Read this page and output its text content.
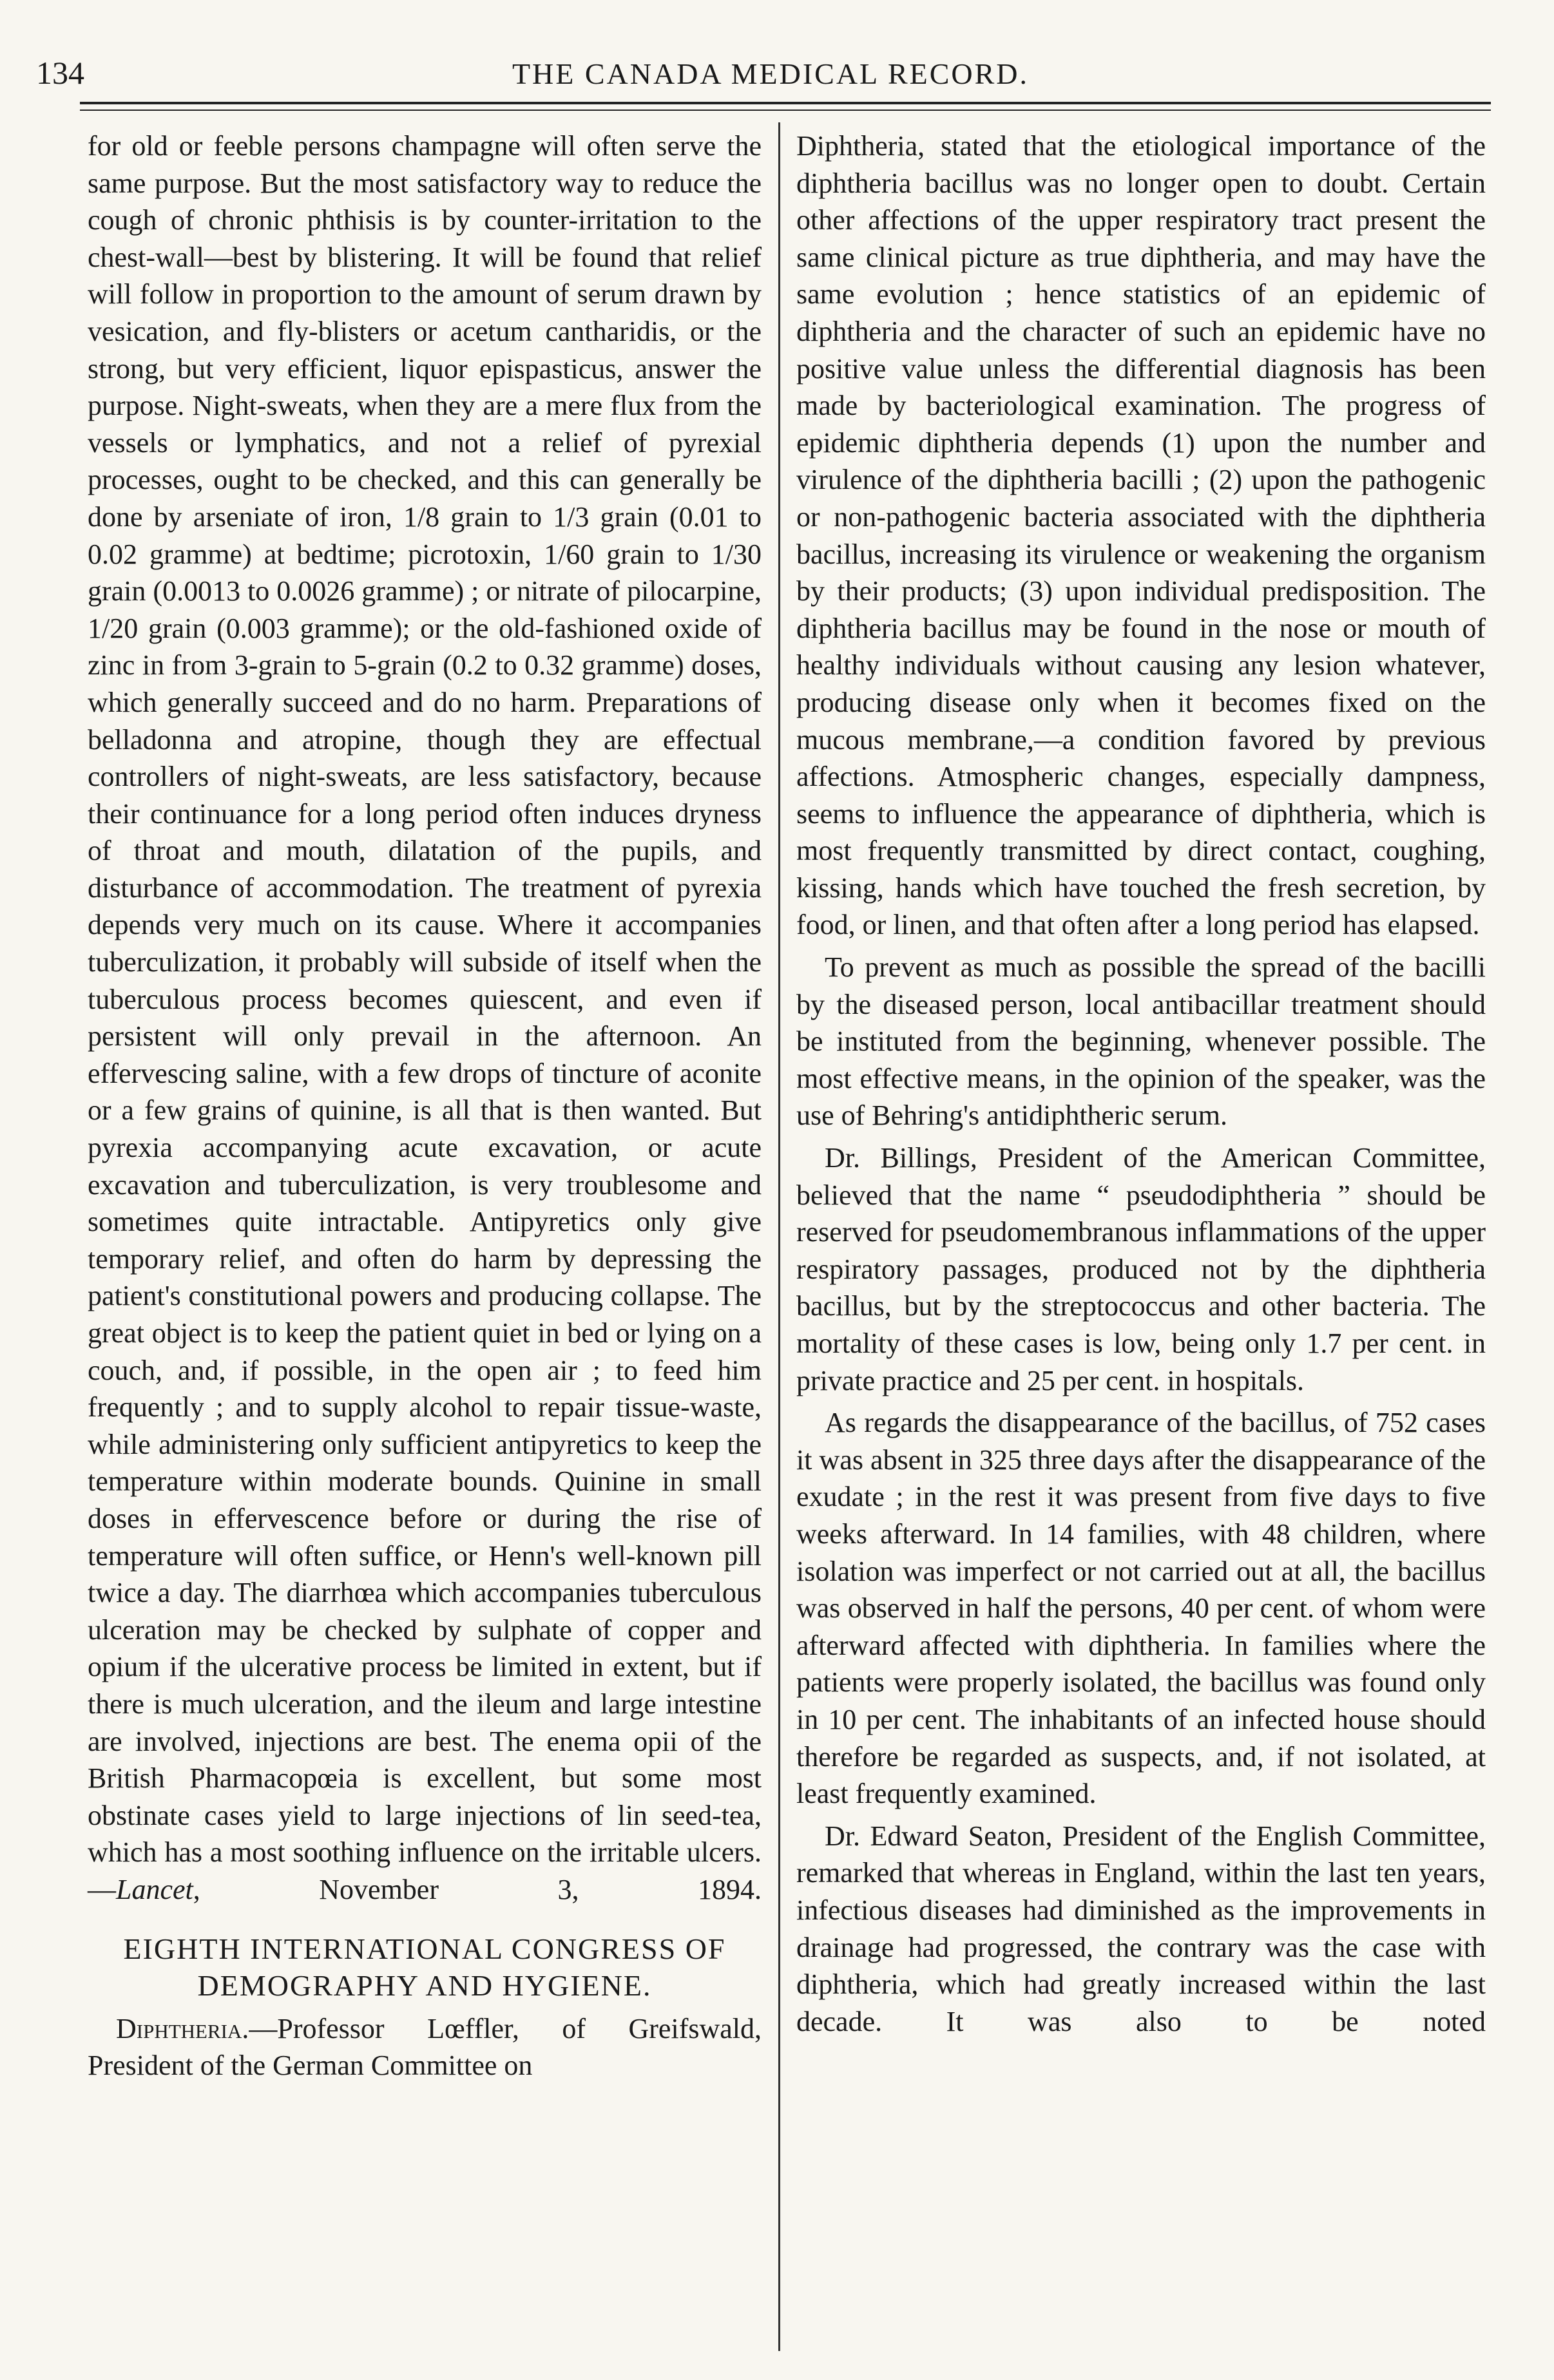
134	THE CANADA MEDICAL RECORD.

for old or feeble persons champagne will often serve the same purpose. But the most satisfactory way to reduce the cough of chronic phthisis is by counter-irritation to the chest-wall—best by blistering. It will be found that relief will follow in proportion to the amount of serum drawn by vesication, and fly-blisters or acetum cantharidis, or the strong, but very efficient, liquor epispasticus, answer the purpose. Night-sweats, when they are a mere flux from the vessels or lymphatics, and not a relief of pyrexial processes, ought to be checked, and this can generally be done by arseniate of iron, 1/8 grain to 1/3 grain (0.01 to 0.02 gramme) at bedtime; picrotoxin, 1/60 grain to 1/30 grain (0.0013 to 0.0026 gramme) ; or nitrate of pilocarpine, 1/20 grain (0.003 gramme); or the old-fashioned oxide of zinc in from 3-grain to 5-grain (0.2 to 0.32 gramme) doses, which generally succeed and do no harm. Preparations of belladonna and atropine, though they are effectual controllers of night-sweats, are less satisfactory, because their continuance for a long period often induces dryness of throat and mouth, dilatation of the pupils, and disturbance of accommodation. The treatment of pyrexia depends very much on its cause. Where it accompanies tuberculization, it probably will subside of itself when the tuberculous process becomes quiescent, and even if persistent will only prevail in the afternoon. An effervescing saline, with a few drops of tincture of aconite or a few grains of quinine, is all that is then wanted. But pyrexia accompanying acute excavation, or acute excavation and tuberculization, is very troublesome and sometimes quite intractable. Antipyretics only give temporary relief, and often do harm by depressing the patient's constitutional powers and producing collapse. The great object is to keep the patient quiet in bed or lying on a couch, and, if possible, in the open air ; to feed him frequently ; and to supply alcohol to repair tissue-waste, while administering only sufficient antipyretics to keep the temperature within moderate bounds. Quinine in small doses in effervescence before or during the rise of temperature will often suffice, or Henn's well-known pill twice a day. The diarrhœa which accompanies tuberculous ulceration may be checked by sulphate of copper and opium if the ulcerative process be limited in extent, but if there is much ulceration, and the ileum and large intestine are involved, injections are best. The enema opii of the British Pharmacopœia is excellent, but some most obstinate cases yield to large injections of lin seed-tea, which has a most soothing influence on the irritable ulcers.—Lancet, November 3, 1894.

EIGHTH INTERNATIONAL CONGRESS OF DEMOGRAPHY AND HYGIENE.

Diphtheria.—Professor Lœffler, of Greifswald, President of the German Committee on

Diphtheria, stated that the etiological importance of the diphtheria bacillus was no longer open to doubt. Certain other affections of the upper respiratory tract present the same clinical picture as true diphtheria, and may have the same evolution ; hence statistics of an epidemic of diphtheria and the character of such an epidemic have no positive value unless the differential diagnosis has been made by bacteriological examination. The progress of epidemic diphtheria depends (1) upon the number and virulence of the diphtheria bacilli ; (2) upon the pathogenic or non-pathogenic bacteria associated with the diphtheria bacillus, increasing its virulence or weakening the organism by their products; (3) upon individual predisposition. The diphtheria bacillus may be found in the nose or mouth of healthy individuals without causing any lesion whatever, producing disease only when it becomes fixed on the mucous membrane,—a condition favored by previous affections. Atmospheric changes, especially dampness, seems to influence the appearance of diphtheria, which is most frequently transmitted by direct contact, coughing, kissing, hands which have touched the fresh secretion, by food, or linen, and that often after a long period has elapsed.

To prevent as much as possible the spread of the bacilli by the diseased person, local antibacillar treatment should be instituted from the beginning, whenever possible. The most effective means, in the opinion of the speaker, was the use of Behring's antidiphtheric serum.

Dr. Billings, President of the American Committee, believed that the name “ pseudodiphtheria ” should be reserved for pseudomembranous inflammations of the upper respiratory passages, produced not by the diphtheria bacillus, but by the streptococcus and other bacteria. The mortality of these cases is low, being only 1.7 per cent. in private practice and 25 per cent. in hospitals.

As regards the disappearance of the bacillus, of 752 cases it was absent in 325 three days after the disappearance of the exudate ; in the rest it was present from five days to five weeks afterward. In 14 families, with 48 children, where isolation was imperfect or not carried out at all, the bacillus was observed in half the persons, 40 per cent. of whom were afterward affected with diphtheria. In families where the patients were properly isolated, the bacillus was found only in 10 per cent. The inhabitants of an infected house should therefore be regarded as suspects, and, if not isolated, at least frequently examined.

Dr. Edward Seaton, President of the English Committee, remarked that whereas in England, within the last ten years, infectious diseases had diminished as the improvements in drainage had progressed, the contrary was the case with diphtheria, which had greatly increased within the last decade. It was also to be noted
